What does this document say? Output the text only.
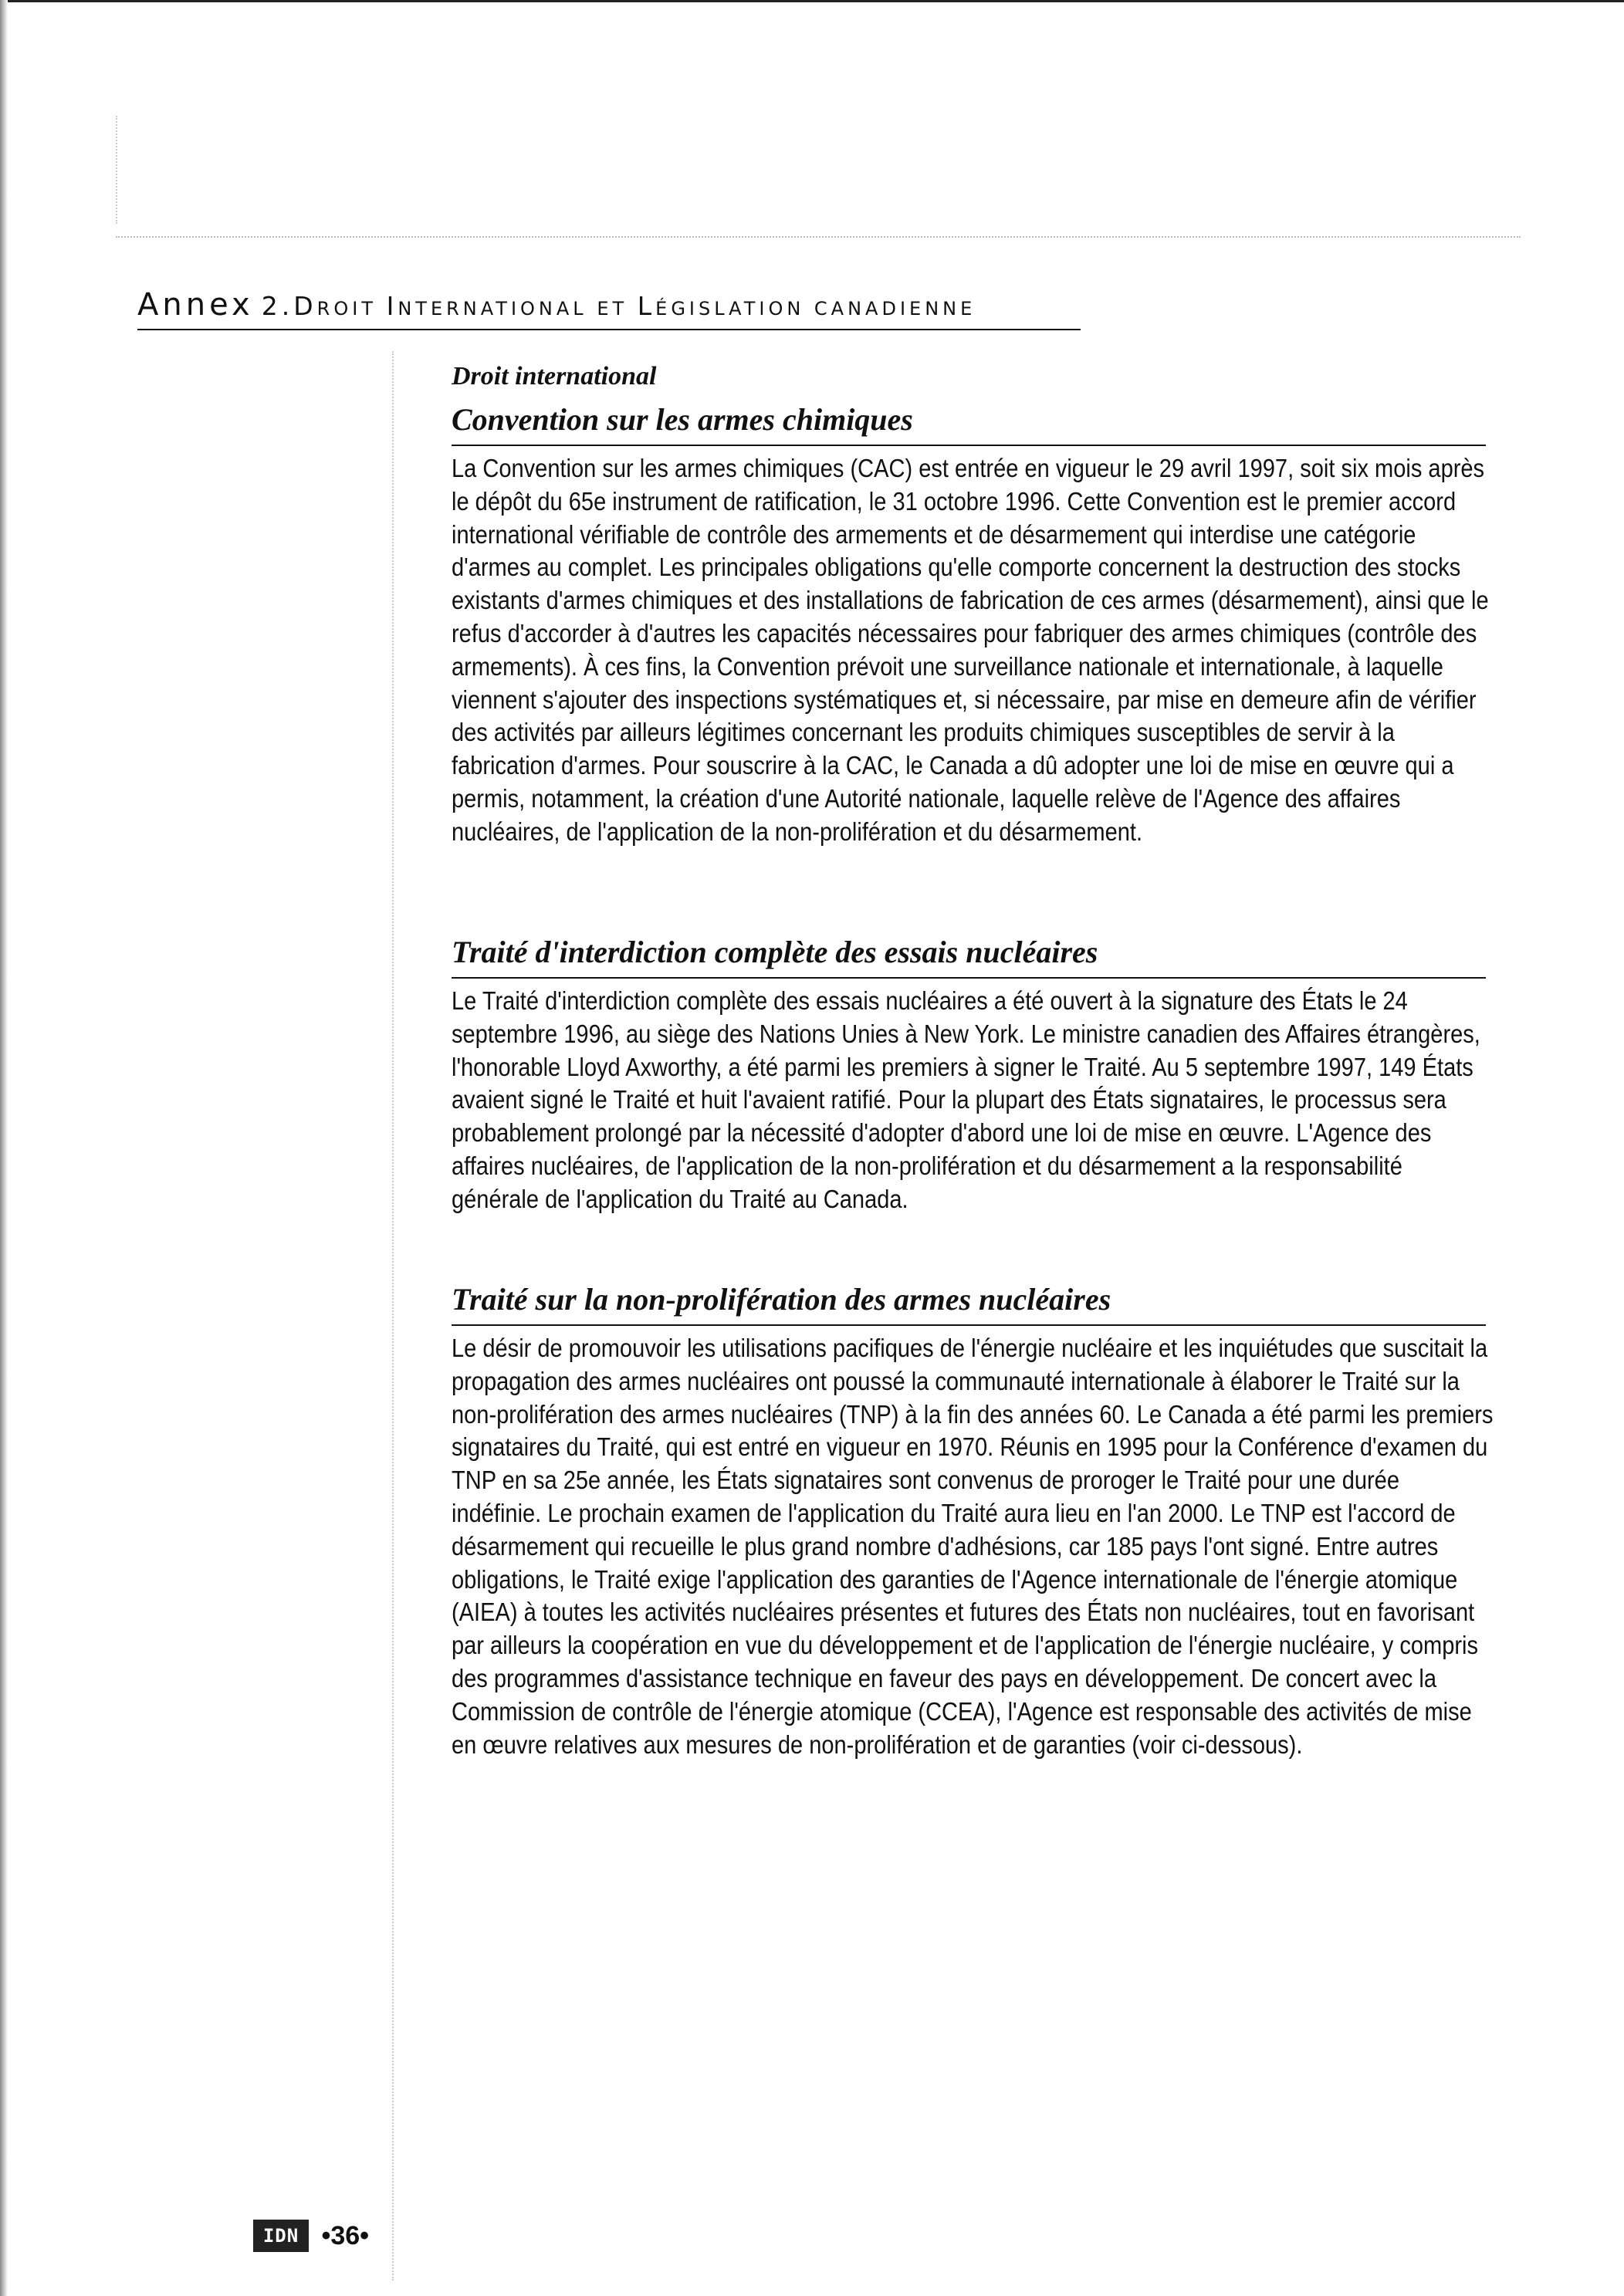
Annex 2.DROIT INTERNATIONAL ET LÉGISLATION CANADIENNE

Droit international

Convention sur les armes chimiques

La Convention sur les armes chimiques (CAC) est entrée en vigueur le 29 avril 1997, soit six mois après le dépôt du 65e instrument de ratification, le 31 octobre 1996. Cette Convention est le premier accord international vérifiable de contrôle des armements et de désarmement qui interdise une catégorie d'armes au complet. Les principales obligations qu'elle comporte concernent la destruction des stocks existants d'armes chimiques et des installations de fabrication de ces armes (désarmement), ainsi que le refus d'accorder à d'autres les capacités nécessaires pour fabriquer des armes chimiques (contrôle des armements). À ces fins, la Convention prévoit une surveillance nationale et internationale, à laquelle viennent s'ajouter des inspections systématiques et, si nécessaire, par mise en demeure afin de vérifier des activités par ailleurs légitimes concernant les produits chimiques susceptibles de servir à la fabrication d'armes. Pour souscrire à la CAC, le Canada a dû adopter une loi de mise en œuvre qui a permis, notamment, la création d'une Autorité nationale, laquelle relève de l'Agence des affaires nucléaires, de l'application de la non-prolifération et du désarmement.

Traité d'interdiction complète des essais nucléaires

Le Traité d'interdiction complète des essais nucléaires a été ouvert à la signature des États le 24 septembre 1996, au siège des Nations Unies à New York. Le ministre canadien des Affaires étrangères, l'honorable Lloyd Axworthy, a été parmi les premiers à signer le Traité. Au 5 septembre 1997, 149 États avaient signé le Traité et huit l'avaient ratifié. Pour la plupart des États signataires, le processus sera probablement prolongé par la nécessité d'adopter d'abord une loi de mise en œuvre. L'Agence des affaires nucléaires, de l'application de la non-prolifération et du désarmement a la responsabilité générale de l'application du Traité au Canada.

Traité sur la non-prolifération des armes nucléaires

Le désir de promouvoir les utilisations pacifiques de l'énergie nucléaire et les inquiétudes que suscitait la propagation des armes nucléaires ont poussé la communauté internationale à élaborer le Traité sur la non-prolifération des armes nucléaires (TNP) à la fin des années 60. Le Canada a été parmi les premiers signataires du Traité, qui est entré en vigueur en 1970. Réunis en 1995 pour la Conférence d'examen du TNP en sa 25e année, les États signataires sont convenus de proroger le Traité pour une durée indéfinie. Le prochain examen de l'application du Traité aura lieu en l'an 2000. Le TNP est l'accord de désarmement qui recueille le plus grand nombre d'adhésions, car 185 pays l'ont signé. Entre autres obligations, le Traité exige l'application des garanties de l'Agence internationale de l'énergie atomique (AIEA) à toutes les activités nucléaires présentes et futures des États non nucléaires, tout en favorisant par ailleurs la coopération en vue du développement et de l'application de l'énergie nucléaire, y compris des programmes d'assistance technique en faveur des pays en développement. De concert avec la Commission de contrôle de l'énergie atomique (CCEA), l'Agence est responsable des activités de mise en œuvre relatives aux mesures de non-prolifération et de garanties (voir ci-dessous).

IDN •36•
